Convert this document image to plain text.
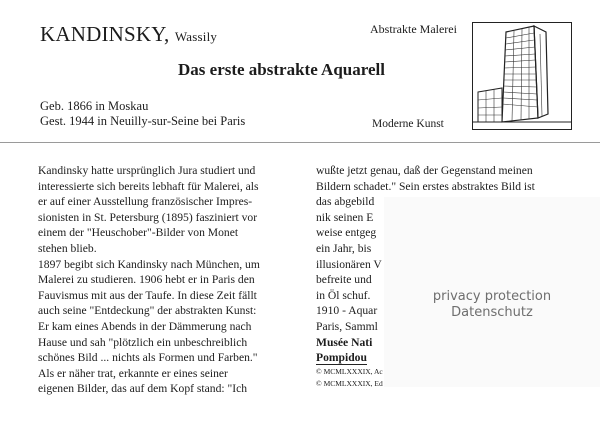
KANDINSKY, Wassily	Abstrakte Malerei
Das erste abstrakte Aquarell
Geb. 1866 in Moskau
Gest. 1944 in Neuilly-sur-Seine bei Paris	Moderne Kunst
Kandinsky hatte ursprünglich Jura studiert und
interessierte sich bereits lebhaft für Malerei, als
er auf einer Ausstellung französischer Impres-
sionisten in St. Petersburg (1895) fasziniert vor
einem der "Heuschober"-Bilder von Monet
stehen blieb.
1897 begibt sich Kandinsky nach München, um
Malerei zu studieren. 1906 hebt er in Paris den
Fauvismus mit aus der Taufe. In diese Zeit fällt
auch seine "Entdeckung" der abstrakten Kunst:
Er kam eines Abends in der Dämmerung nach
Hause und sah "plötzlich ein unbeschreiblich
schönes Bild ... nichts als Formen und Farben."
Als er näher trat, erkannte er eines seiner
eigenen Bilder, das auf dem Kopf stand: "Ich
wußte jetzt genau, daß der Gegenstand meinen
Bildern schadet." Sein erstes abstraktes Bild ist
das abgebild
nik seinen E
weise entgeg
ein Jahr, bis
illusionären V
befreite und
in Öl schuf.
1910 - Aquar
Paris, Samml
Musée Nati
Pompidou
© MCMLXXXIX, Ac
© MCMLXXXIX, Ed
privacy protection
Datenschutz
